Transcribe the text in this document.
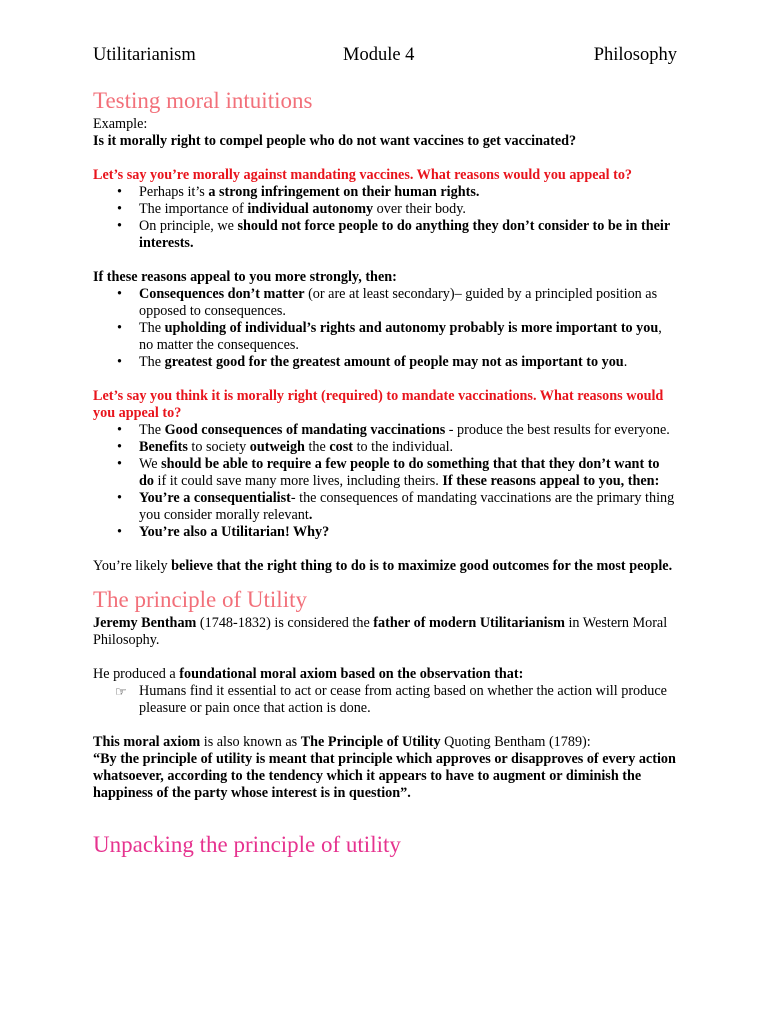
Utilitarianism	Module 4	Philosophy
Testing moral intuitions

Example:

Is it morally right to compel people who do not want vaccines to get vaccinated?

Let’s say you’re morally against mandating vaccines. What reasons would you appeal to?

• Perhaps it’s a strong infringement on their human rights.
• The importance of individual autonomy over their body.
• On principle, we should not force people to do anything they don’t consider to be in their interests.

If these reasons appeal to you more strongly, then:

• Consequences don’t matter (or are at least secondary)– guided by a principled position as opposed to consequences.
• The upholding of individual’s rights and autonomy probably is more important to you, no matter the consequences.
• The greatest good for the greatest amount of people may not as important to you.

Let’s say you think it is morally right (required) to mandate vaccinations. What reasons would you appeal to?

• The Good consequences of mandating vaccinations - produce the best results for everyone.
• Benefits to society outweigh the cost to the individual.
• We should be able to require a few people to do something that that they don’t want to do if it could save many more lives, including theirs. If these reasons appeal to you, then:
• You’re a consequentialist- the consequences of mandating vaccinations are the primary thing you consider morally relevant.
• You’re also a Utilitarian! Why?

You’re likely believe that the right thing to do is to maximize good outcomes for the most people.

The principle of Utility

Jeremy Bentham (1748-1832) is considered the father of modern Utilitarianism in Western Moral Philosophy.

He produced a foundational moral axiom based on the observation that:

☞ Humans find it essential to act or cease from acting based on whether the action will produce pleasure or pain once that action is done.

This moral axiom is also known as The Principle of Utility Quoting Bentham (1789):

“By the principle of utility is meant that principle which approves or disapproves of every action whatsoever, according to the tendency which it appears to have to augment or diminish the happiness of the party whose interest is in question”.

Unpacking the principle of utility
